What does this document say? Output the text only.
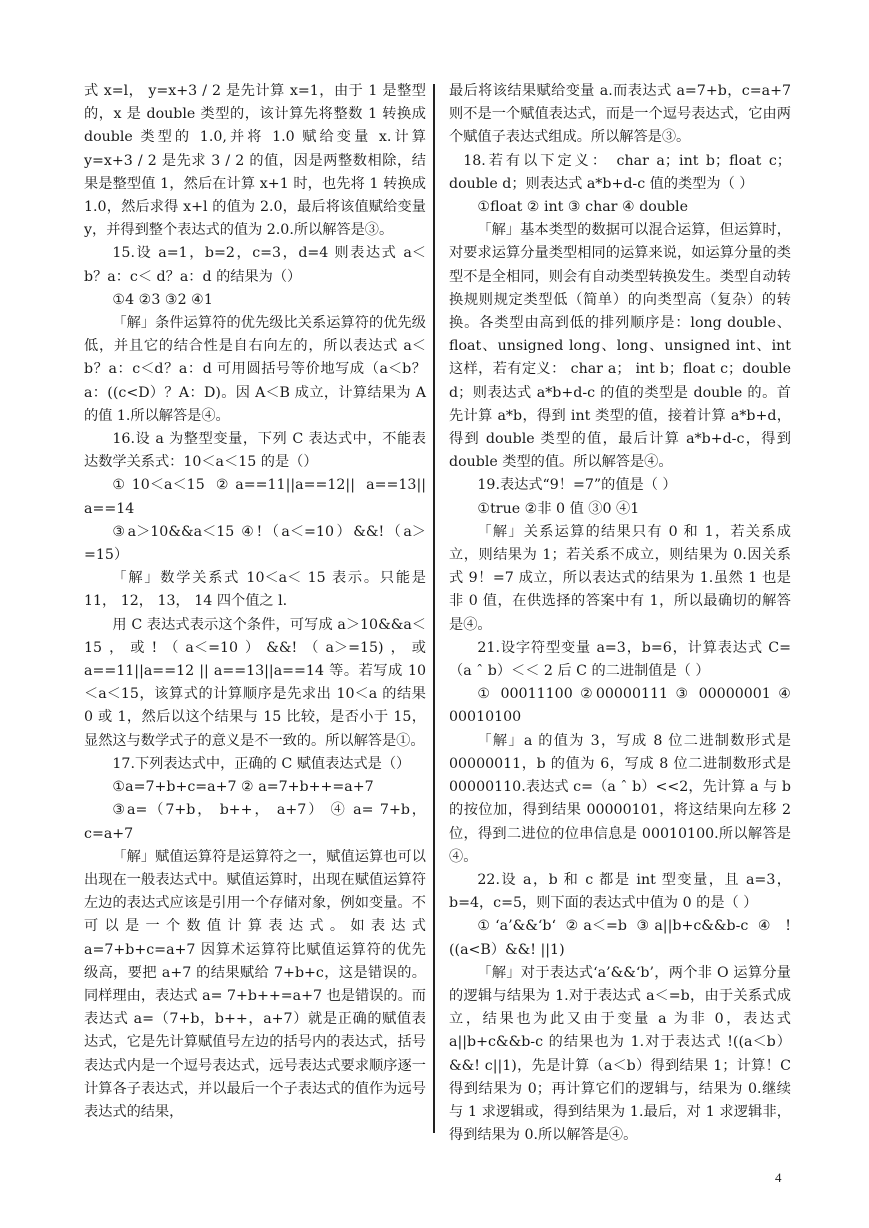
式 x=l， y=x+3 / 2 是先计算 x=1，由于 1 是整型的，x 是 double 类型的，该计算先将整数 1 转换成 double 类型的 1.0,并将 1.0 赋给变量 x.计算 y=x+3 / 2 是先求 3 / 2 的值，因是两整数相除，结果是整型值 1，然后在计算 x+1 时，也先将 1 转换成 1.0，然后求得 x+l 的值为 2.0，最后将该值赋给变量 y，并得到整个表达式的值为 2.0.所以解答是③。

15.设 a=1，b=2，c=3，d=4 则表达式 a＜ b？a：c＜ d？a：d 的结果为（）

①4 ②3 ③2 ④1

「解」条件运算符的优先级比关系运算符的优先级低，并且它的结合性是自右向左的，所以表达式 a＜b？a：c＜d？a：d 可用圆括号等价地写成（a＜b？a：((c<D）？A：D)。因 A＜B 成立，计算结果为 A 的值 1.所以解答是④。

16.设 a 为整型变量，下列 C 表达式中，不能表达数学关系式：10＜a＜15 的是（）

①10＜a＜15 ②a==11||a==12|| a==13|| a==14

③a＞10&&a＜15 ④!（a＜=10）&&!（a＞=15）

「解」数学关系式 10＜a＜ 15 表示。只能是 11， 12， 13， 14 四个值之 l.

用 C 表达式表示这个条件，可写成 a＞10&&a＜15，或!（a＜=10）&&!（a＞=15)，或 a==11||a==12 || a==13||a==14 等。若写成 10＜a＜15，该算式的计算顺序是先求出 10＜a 的结果 0 或 1，然后以这个结果与 15 比较，是否小于 15，显然这与数学式子的意义是不一致的。所以解答是①。

17.下列表达式中，正确的 C 赋值表达式是（）

①a=7+b+c=a+7 ② a=7+b++=a+7

③a=（7+b， b++， a+7） ④ a= 7+b，c=a+7

「解」赋值运算符是运算符之一，赋值运算也可以出现在一般表达式中。赋值运算时，出现在赋值运算符左边的表达式应该是引用一个存储对象，例如变量。不可以是一个数值计算表达式。如表达式 a=7+b+c=a+7 因算术运算符比赋值运算符的优先级高，要把 a+7 的结果赋给 7+b+c，这是错误的。同样理由，表达式 a= 7+b++=a+7 也是错误的。而表达式 a=（7+b，b++，a+7）就是正确的赋值表达式，它是先计算赋值号左边的括号内的表达式，括号表达式内是一个逗号表达式，远号表达式要求顺序逐一计算各子表达式，并以最后一个子表达式的值作为远号表达式的结果，

最后将该结果赋给变量 a.而表达式 a=7+b，c=a+7 则不是一个赋值表达式，而是一个逗号表达式，它由两个赋值子表达式组成。所以解答是③。

18.若有以下定义： char a；int b；float c； double d；则表达式 a*b+d-c 值的类型为（ ）

①float ② int ③ char ④ double

「解」基本类型的数据可以混合运算，但运算时，对要求运算分量类型相同的运算来说，如运算分量的类型不是全相同，则会有自动类型转换发生。类型自动转换规则规定类型低（简单）的向类型高（复杂）的转换。各类型由高到低的排列顺序是：long double、float、unsigned long、long、unsigned int、int 这样，若有定义： char a； int b；float c；double d；则表达式 a*b+d-c 的值的类型是 double 的。首先计算 a*b，得到 int 类型的值，接着计算 a*b+d，得到 double 类型的值，最后计算 a*b+d-c，得到 double 类型的值。所以解答是④。

19.表达式“9！=7”的值是（ ）

①true ②非 0 值 ③0 ④1

「解」关系运算的结果只有 0 和 1，若关系成立，则结果为 1；若关系不成立，则结果为 0.因关系式 9！=7 成立，所以表达式的结果为 1.虽然 1 也是非 0 值，在供选择的答案中有 1，所以最确切的解答是④。

21.设字符型变量 a=3，b=6，计算表达式 C=（a ˆ b）＜＜ 2 后 C 的二进制值是（ ）

① 00011100 ②00000111 ③ 00000001 ④ 00010100

「解」a 的值为 3，写成 8 位二进制数形式是 00000011，b 的值为 6，写成 8 位二进制数形式是 00000110.表达式 c=（a ˆ b）<<2，先计算 a 与 b 的按位加，得到结果 00000101，将这结果向左移 2 位，得到二进位的位串信息是 00010100.所以解答是④。

22.设 a，b 和 c 都是 int 型变量，且 a=3，b=4，c=5，则下面的表达式中值为 0 的是（ ）

①‘a’&&‘b‘ ②a＜=b ③a||b+c&&b-c ④ ! ((a<B）&&! ||1)

「解」对于表达式‘a’&&‘b’，两个非 O 运算分量的逻辑与结果为 1.对于表达式 a＜=b，由于关系式成立，结果也为此又由于变量 a 为非 0，表达式 a||b+c&&b-c 的结果也为 1.对于表达式 !((a＜b）&&! c||1)，先是计算（a＜b）得到结果 1；计算！C 得到结果为 0；再计算它们的逻辑与，结果为 0.继续与 1 求逻辑或，得到结果为 1.最后，对 1 求逻辑非，得到结果为 0.所以解答是④。

4
